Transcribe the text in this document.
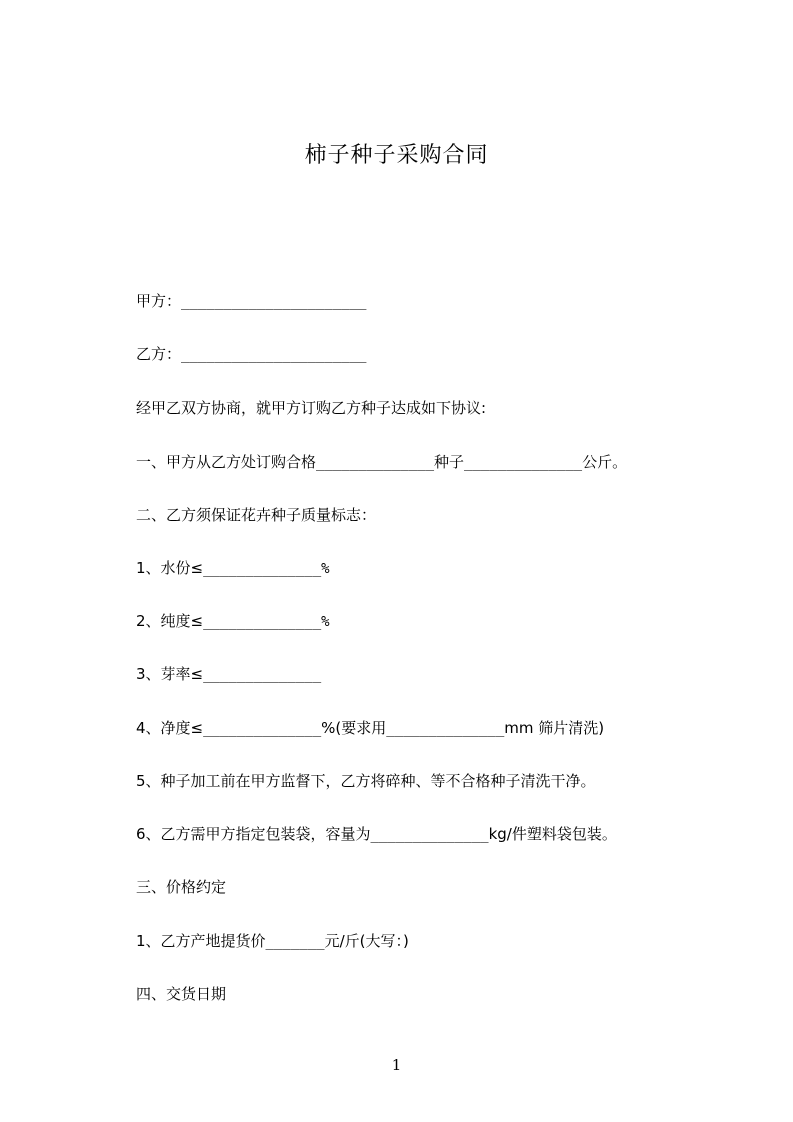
柿子种子采购合同
甲方：______________________
乙方：______________________
经甲乙双方协商，就甲方订购乙方种子达成如下协议:
一、甲方从乙方处订购合格______________种子______________公斤。
二、乙方须保证花卉种子质量标志：
1、水份≤______________%
2、纯度≤______________%
3、芽率≤______________
4、净度≤______________%(要求用______________mm 筛片清洗)
5、种子加工前在甲方监督下，乙方将碎种、等不合格种子清洗干净。
6、乙方需甲方指定包装袋，容量为______________kg/件塑料袋包装。
三、价格约定
1、乙方产地提货价_______元/斤(大写：)
四、交货日期
1
